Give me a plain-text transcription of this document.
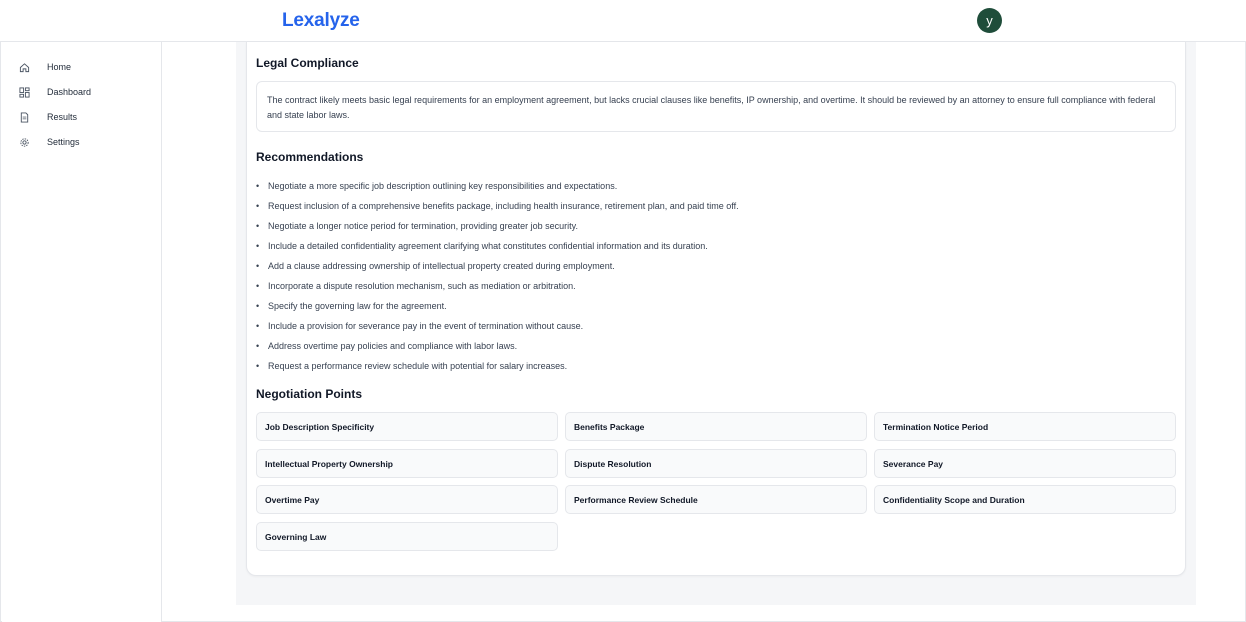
Lexalyze	y
Home
Dashboard
Results
Settings
Legal Compliance
The contract likely meets basic legal requirements for an employment agreement, but lacks crucial clauses like benefits, IP ownership, and overtime. It should be reviewed by an attorney to ensure full compliance with federal and state labor laws.
Recommendations
• Negotiate a more specific job description outlining key responsibilities and expectations.
• Request inclusion of a comprehensive benefits package, including health insurance, retirement plan, and paid time off.
• Negotiate a longer notice period for termination, providing greater job security.
• Include a detailed confidentiality agreement clarifying what constitutes confidential information and its duration.
• Add a clause addressing ownership of intellectual property created during employment.
• Incorporate a dispute resolution mechanism, such as mediation or arbitration.
• Specify the governing law for the agreement.
• Include a provision for severance pay in the event of termination without cause.
• Address overtime pay policies and compliance with labor laws.
• Request a performance review schedule with potential for salary increases.
Negotiation Points
Job Description Specificity	Benefits Package	Termination Notice Period
Intellectual Property Ownership	Dispute Resolution	Severance Pay
Overtime Pay	Performance Review Schedule	Confidentiality Scope and Duration
Governing Law
